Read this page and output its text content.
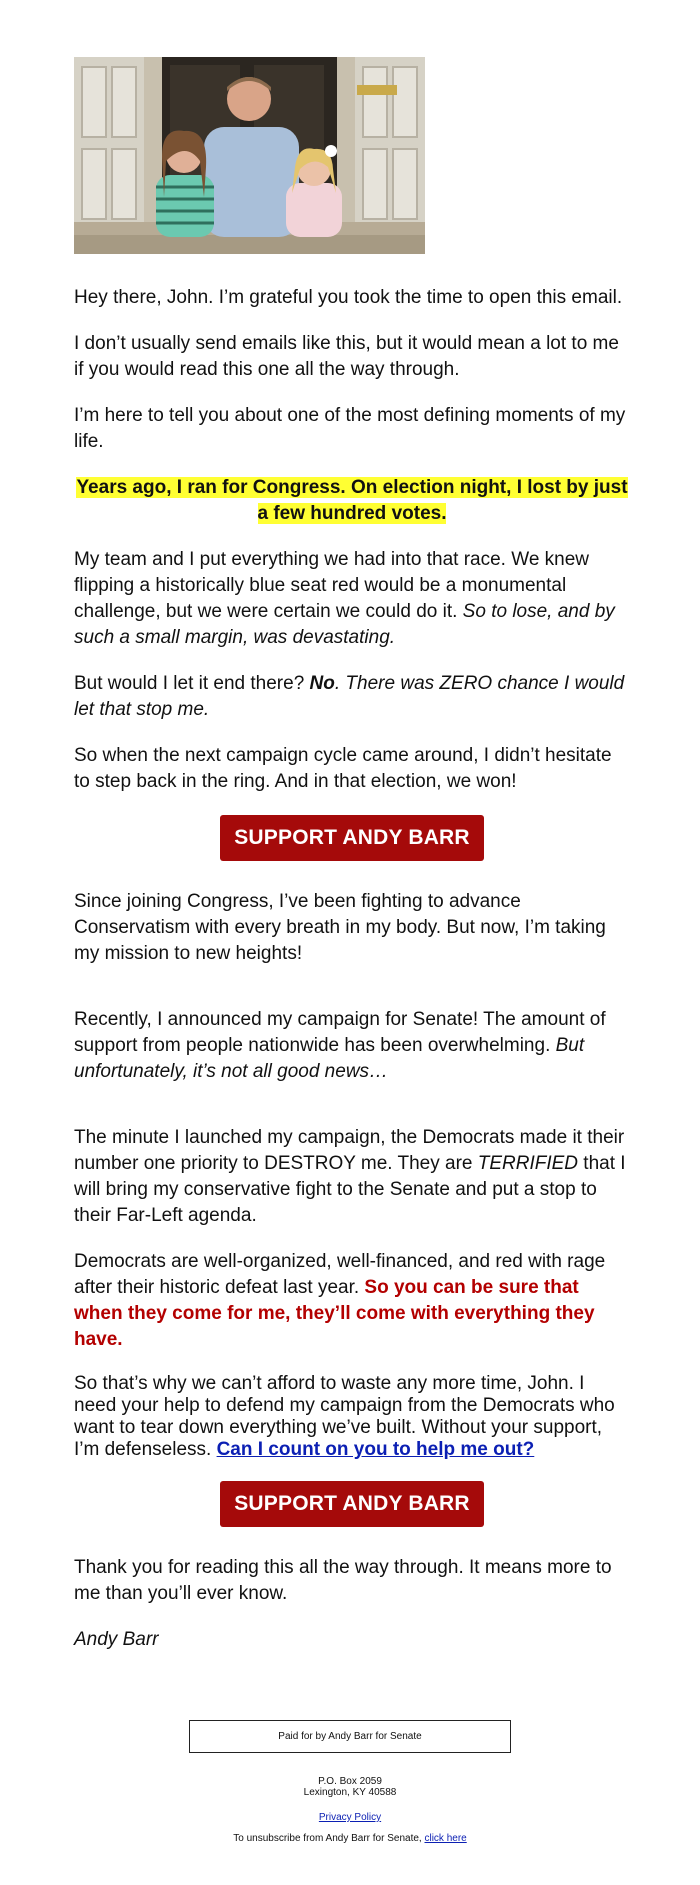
Hey there, John. I’m grateful you took the time to open this email.

I don’t usually send emails like this, but it would mean a lot to me if you would read this one all the way through.

I’m here to tell you about one of the most defining moments of my life.

Years ago, I ran for Congress. On election night, I lost by just a few hundred votes.

My team and I put everything we had into that race. We knew flipping a historically blue seat red would be a monumental challenge, but we were certain we could do it. So to lose, and by such a small margin, was devastating.

But would I let it end there? No. There was ZERO chance I would let that stop me.

So when the next campaign cycle came around, I didn’t hesitate to step back in the ring. And in that election, we won!

SUPPORT ANDY BARR

Since joining Congress, I’ve been fighting to advance Conservatism with every breath in my body. But now, I’m taking my mission to new heights!

Recently, I announced my campaign for Senate! The amount of support from people nationwide has been overwhelming. But unfortunately, it’s not all good news…

The minute I launched my campaign, the Democrats made it their number one priority to DESTROY me. They are TERRIFIED that I will bring my conservative fight to the Senate and put a stop to their Far-Left agenda.

Democrats are well-organized, well-financed, and red with rage after their historic defeat last year. So you can be sure that when they come for me, they’ll come with everything they have.

So that’s why we can’t afford to waste any more time, John. I need your help to defend my campaign from the Democrats who want to tear down everything we’ve built. Without your support, I’m defenseless. Can I count on you to help me out?

SUPPORT ANDY BARR

Thank you for reading this all the way through. It means more to me than you’ll ever know.

Andy Barr

Paid for by Andy Barr for Senate
P.O. Box 2059
Lexington, KY 40588
Privacy Policy
To unsubscribe from Andy Barr for Senate, click here
